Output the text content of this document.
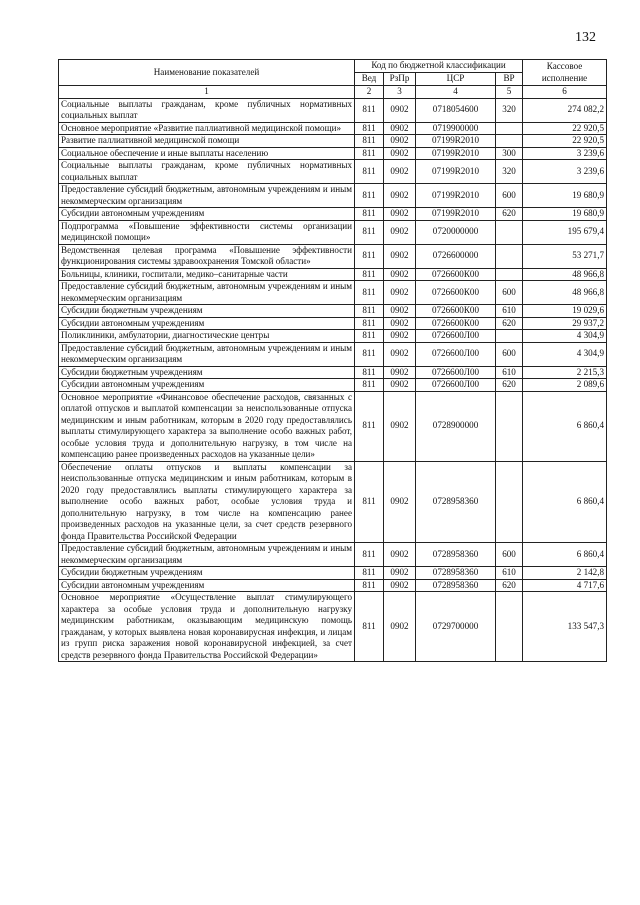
132
Наименование показателей	Код по бюджетной классификации				Кассовое исполнение
	Вед	РзПр	ЦСР	ВР	
1	2	3	4	5	6
Социальные выплаты гражданам, кроме публичных нормативных социальных выплат	811	0902	0718054600	320	274 082,2
Основное мероприятие «Развитие паллиативной медицинской помощи»	811	0902	0719900000		22 920,5
Развитие паллиативной медицинской помощи	811	0902	07199R2010		22 920,5
Социальное обеспечение и иные выплаты населению	811	0902	07199R2010	300	3 239,6
Социальные выплаты гражданам, кроме публичных нормативных социальных выплат	811	0902	07199R2010	320	3 239,6
Предоставление субсидий бюджетным, автономным учреждениям и иным некоммерческим организациям	811	0902	07199R2010	600	19 680,9
Субсидии автономным учреждениям	811	0902	07199R2010	620	19 680,9
Подпрограмма «Повышение эффективности системы организации медицинской помощи»	811	0902	0720000000		195 679,4
Ведомственная целевая программа «Повышение эффективности функционирования системы здравоохранения Томской области»	811	0902	0726600000		53 271,7
Больницы, клиники, госпитали, медико–санитарные части	811	0902	0726600К00		48 966,8
Предоставление субсидий бюджетным, автономным учреждениям и иным некоммерческим организациям	811	0902	0726600К00	600	48 966,8
Субсидии бюджетным учреждениям	811	0902	0726600К00	610	19 029,6
Субсидии автономным учреждениям	811	0902	0726600К00	620	29 937,2
Поликлиники, амбулатории, диагностические центры	811	0902	0726600Л00		4 304,9
Предоставление субсидий бюджетным, автономным учреждениям и иным некоммерческим организациям	811	0902	0726600Л00	600	4 304,9
Субсидии бюджетным учреждениям	811	0902	0726600Л00	610	2 215,3
Субсидии автономным учреждениям	811	0902	0726600Л00	620	2 089,6
Основное мероприятие «Финансовое обеспечение расходов, связанных с оплатой отпусков и выплатой компенсации за неиспользованные отпуска медицинским и иным работникам, которым в 2020 году предоставлялись выплаты стимулирующего характера за выполнение особо важных работ, особые условия труда и дополнительную нагрузку, в том числе на компенсацию ранее произведенных расходов на указанные цели»	811	0902	0728900000		6 860,4
Обеспечение оплаты отпусков и выплаты компенсации за неиспользованные отпуска медицинским и иным работникам, которым в 2020 году предоставлялись выплаты стимулирующего характера за выполнение особо важных работ, особые условия труда и дополнительную нагрузку, в том числе на компенсацию ранее произведенных расходов на указанные цели, за счет средств резервного фонда Правительства Российской Федерации	811	0902	0728958360		6 860,4
Предоставление субсидий бюджетным, автономным учреждениям и иным некоммерческим организациям	811	0902	0728958360	600	6 860,4
Субсидии бюджетным учреждениям	811	0902	0728958360	610	2 142,8
Субсидии автономным учреждениям	811	0902	0728958360	620	4 717,6
Основное мероприятие «Осуществление выплат стимулирующего характера за особые условия труда и дополнительную нагрузку медицинским работникам, оказывающим медицинскую помощь гражданам, у которых выявлена новая коронавирусная инфекция, и лицам из групп риска заражения новой коронавирусной инфекцией, за счет средств резервного фонда Правительства Российской Федерации»	811	0902	0729700000		133 547,3
